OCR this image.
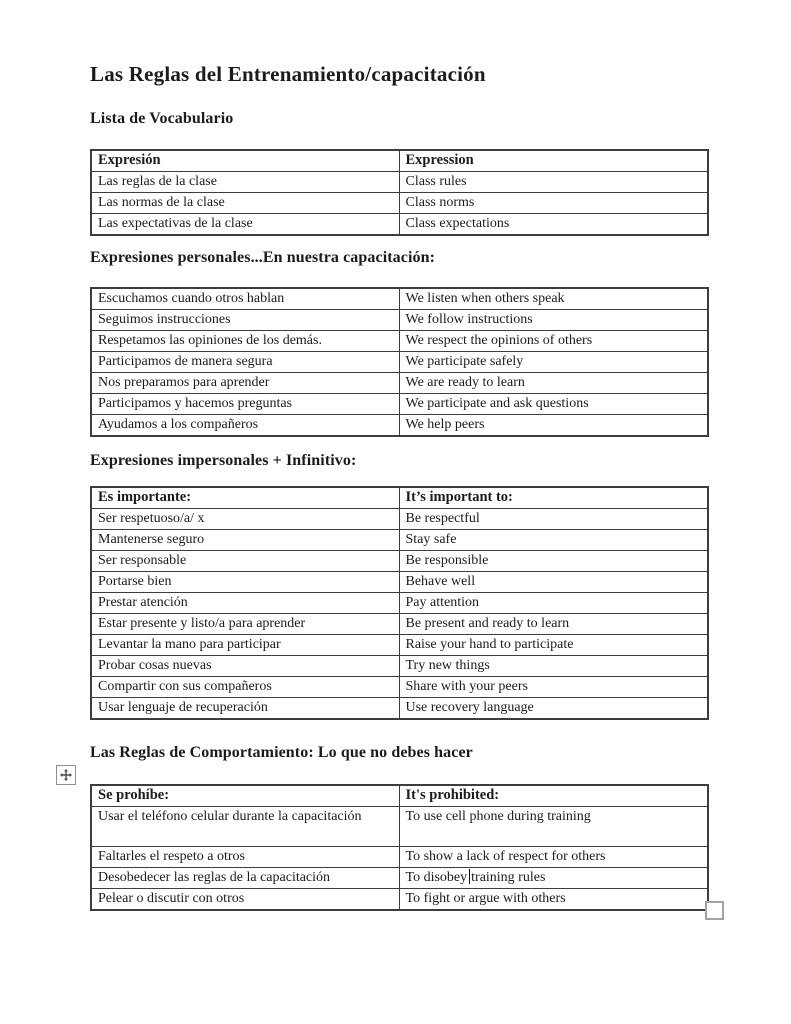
Las Reglas del Entrenamiento/capacitación
Lista de Vocabulario
Expresión	Expression
Las reglas de la clase	Class rules
Las normas de la clase	Class norms
Las expectativas de la clase	Class expectations
Expresiones personales...En nuestra capacitación:
Escuchamos cuando otros hablan	We listen when others speak
Seguimos instrucciones	We follow instructions
Respetamos las opiniones de los demás.	We respect the opinions of others
Participamos de manera segura	We participate safely
Nos preparamos para aprender	We are ready to learn
Participamos y hacemos preguntas	We participate and ask questions
Ayudamos a los compañeros	We help peers
Expresiones impersonales + Infinitivo:
Es importante:	It’s important to:
Ser respetuoso/a/ x	Be respectful
Mantenerse seguro	Stay safe
Ser responsable	Be responsible
Portarse bien	Behave well
Prestar atención	Pay attention
Estar presente y listo/a para aprender	Be present and ready to learn
Levantar la mano para participar	Raise your hand to participate
Probar cosas nuevas	Try new things
Compartir con sus compañeros	Share with your peers
Usar lenguaje de recuperación	Use recovery language
Las Reglas de Comportamiento: Lo que no debes hacer
Se prohíbe:	It's prohibited:
Usar el teléfono celular durante la capacitación	To use cell phone during training
Faltarles el respeto a otros	To show a lack of respect for others
Desobedecer las reglas de la capacitación	To disobey training rules
Pelear o discutir con otros	To fight or argue with others
